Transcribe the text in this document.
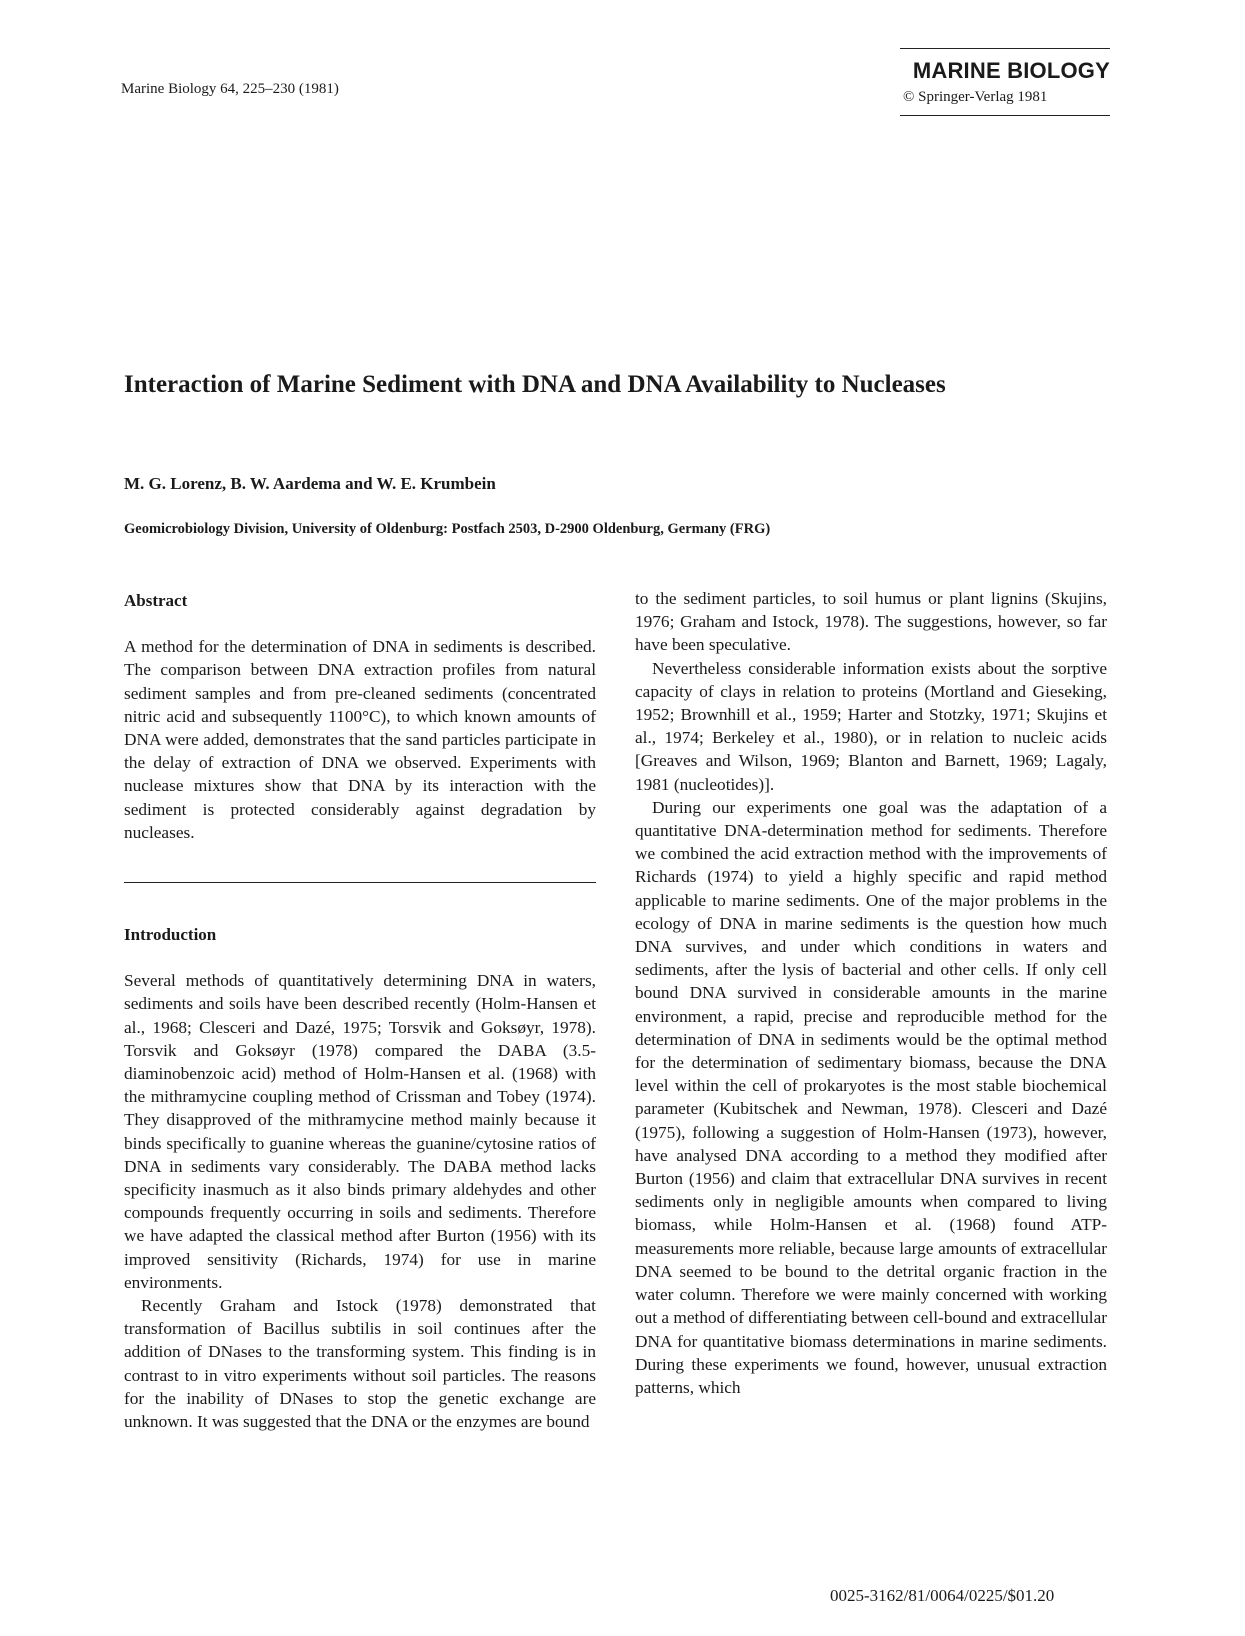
Marine Biology 64, 225–230 (1981)
MARINE BIOLOGY
© Springer-Verlag 1981
Interaction of Marine Sediment with DNA and DNA Availability to Nucleases
M. G. Lorenz, B. W. Aardema and W. E. Krumbein
Geomicrobiology Division, University of Oldenburg: Postfach 2503, D-2900 Oldenburg, Germany (FRG)
Abstract

A method for the determination of DNA in sediments is described. The comparison between DNA extraction profiles from natural sediment samples and from pre-cleaned sediments (concentrated nitric acid and subsequently 1100°C), to which known amounts of DNA were added, demonstrates that the sand particles participate in the delay of extraction of DNA we observed. Experiments with nuclease mixtures show that DNA by its interaction with the sediment is protected considerably against degradation by nucleases.

Introduction

Several methods of quantitatively determining DNA in waters, sediments and soils have been described recently (Holm-Hansen et al., 1968; Clesceri and Dazé, 1975; Torsvik and Goksøyr, 1978). Torsvik and Goksøyr (1978) compared the DABA (3.5-diaminobenzoic acid) method of Holm-Hansen et al. (1968) with the mithramycine coupling method of Crissman and Tobey (1974). They disapproved of the mithramycine method mainly because it binds specifically to guanine whereas the guanine/cytosine ratios of DNA in sediments vary considerably. The DABA method lacks specificity inasmuch as it also binds primary aldehydes and other compounds frequently occurring in soils and sediments. Therefore we have adapted the classical method after Burton (1956) with its improved sensitivity (Richards, 1974) for use in marine environments.

Recently Graham and Istock (1978) demonstrated that transformation of Bacillus subtilis in soil continues after the addition of DNases to the transforming system. This finding is in contrast to in vitro experiments without soil particles. The reasons for the inability of DNases to stop the genetic exchange are unknown. It was suggested that the DNA or the enzymes are bound

to the sediment particles, to soil humus or plant lignins (Skujins, 1976; Graham and Istock, 1978). The suggestions, however, so far have been speculative.

Nevertheless considerable information exists about the sorptive capacity of clays in relation to proteins (Mortland and Gieseking, 1952; Brownhill et al., 1959; Harter and Stotzky, 1971; Skujins et al., 1974; Berkeley et al., 1980), or in relation to nucleic acids [Greaves and Wilson, 1969; Blanton and Barnett, 1969; Lagaly, 1981 (nucleotides)].

During our experiments one goal was the adaptation of a quantitative DNA-determination method for sediments. Therefore we combined the acid extraction method with the improvements of Richards (1974) to yield a highly specific and rapid method applicable to marine sediments. One of the major problems in the ecology of DNA in marine sediments is the question how much DNA survives, and under which conditions in waters and sediments, after the lysis of bacterial and other cells. If only cell bound DNA survived in considerable amounts in the marine environment, a rapid, precise and reproducible method for the determination of DNA in sediments would be the optimal method for the determination of sedimentary biomass, because the DNA level within the cell of prokaryotes is the most stable biochemical parameter (Kubitschek and Newman, 1978). Clesceri and Dazé (1975), following a suggestion of Holm-Hansen (1973), however, have analysed DNA according to a method they modified after Burton (1956) and claim that extracellular DNA survives in recent sediments only in negligible amounts when compared to living biomass, while Holm-Hansen et al. (1968) found ATP-measurements more reliable, because large amounts of extracellular DNA seemed to be bound to the detrital organic fraction in the water column. Therefore we were mainly concerned with working out a method of differentiating between cell-bound and extracellular DNA for quantitative biomass determinations in marine sediments. During these experiments we found, however, unusual extraction patterns, which

0025-3162/81/0064/0225/$01.20
